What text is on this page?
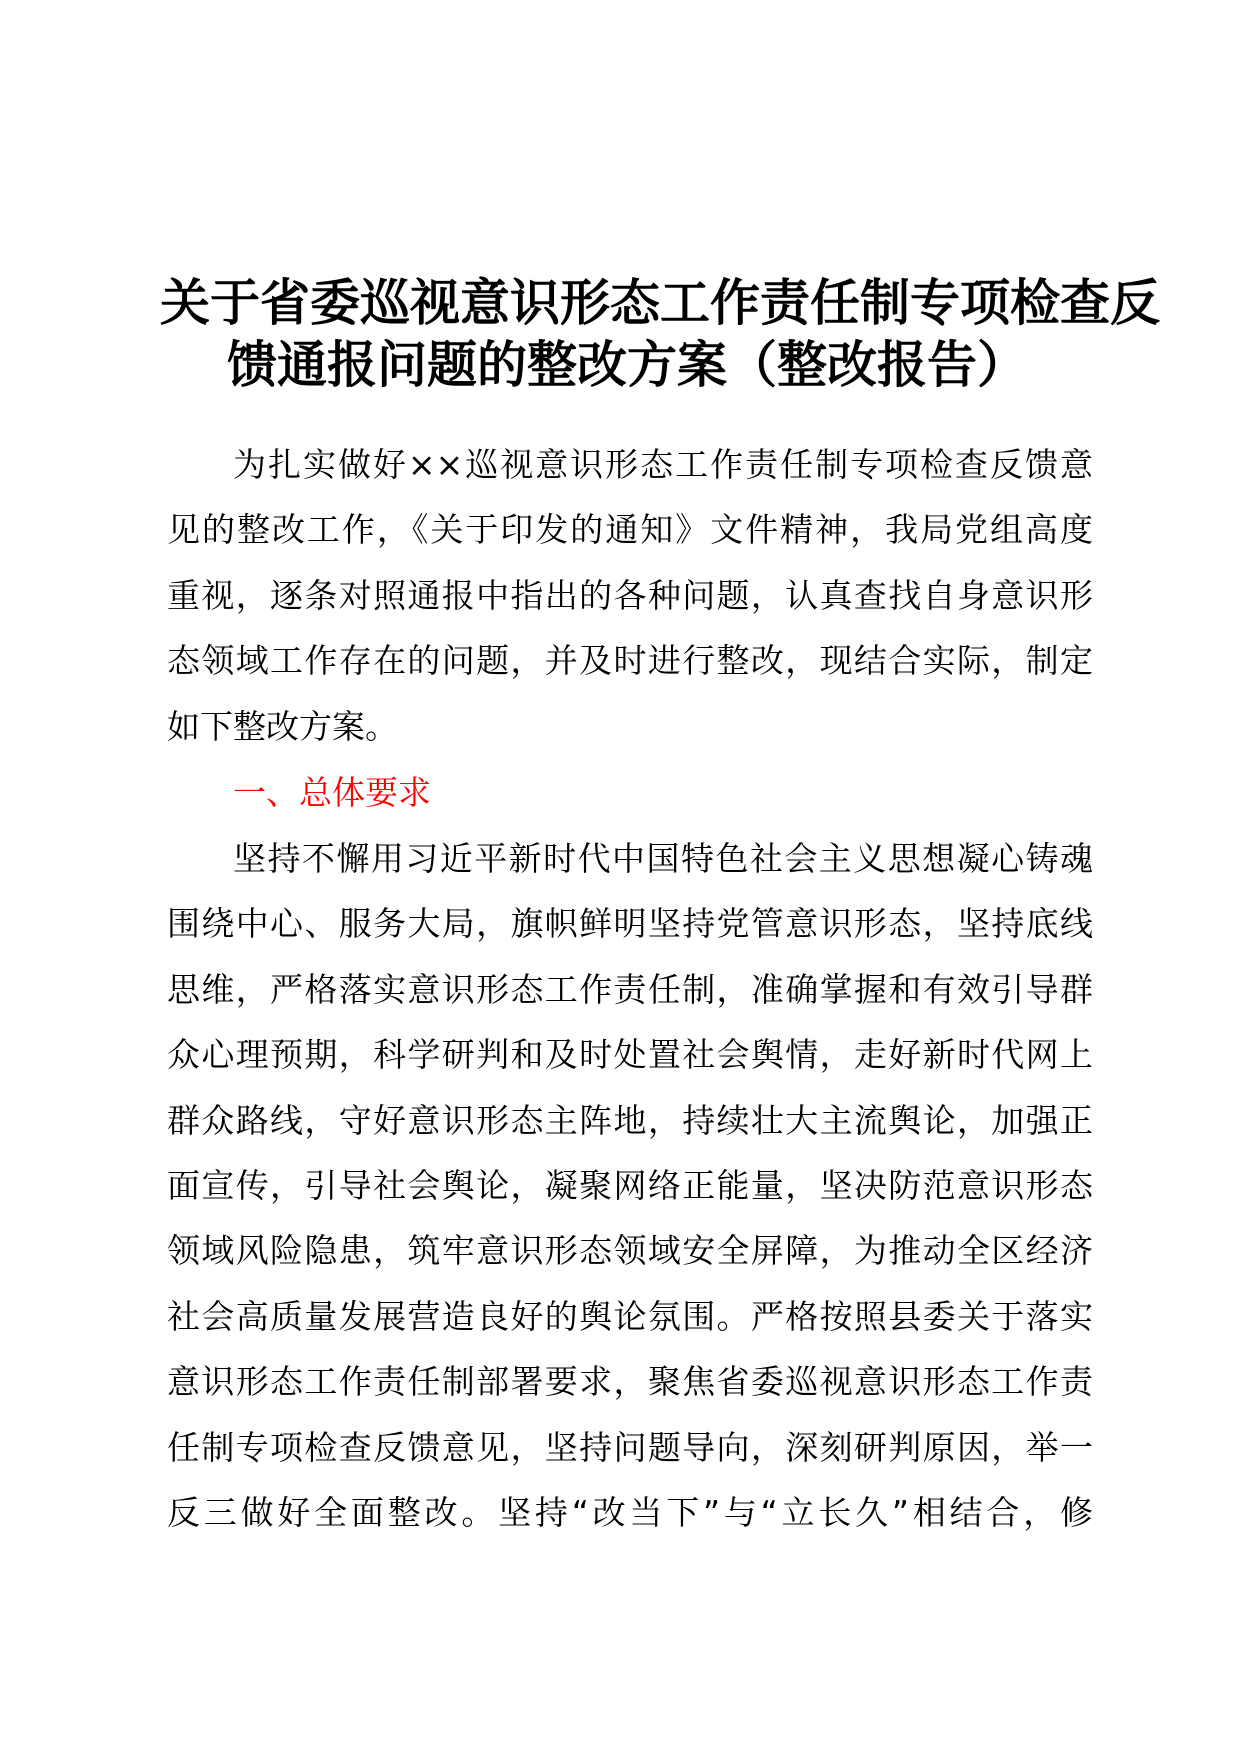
关于省委巡视意识形态工作责任制专项检查反
馈通报问题的整改方案（整改报告）
为扎实做好××巡视意识形态工作责任制专项检查反馈意
见的整改工作，《关于印发的通知》文件精神，我局党组高度
重视，逐条对照通报中指出的各种问题，认真查找自身意识形
态领域工作存在的问题，并及时进行整改，现结合实际，制定
如下整改方案。
一、总体要求
坚持不懈用习近平新时代中国特色社会主义思想凝心铸魂
围绕中心、服务大局，旗帜鲜明坚持党管意识形态，坚持底线
思维，严格落实意识形态工作责任制，准确掌握和有效引导群
众心理预期，科学研判和及时处置社会舆情，走好新时代网上
群众路线，守好意识形态主阵地，持续壮大主流舆论，加强正
面宣传，引导社会舆论，凝聚网络正能量，坚决防范意识形态
领域风险隐患，筑牢意识形态领域安全屏障，为推动全区经济
社会高质量发展营造良好的舆论氛围。严格按照县委关于落实
意识形态工作责任制部署要求，聚焦省委巡视意识形态工作责
任制专项检查反馈意见，坚持问题导向，深刻研判原因，举一
反三做好全面整改。坚持“改当下”与“立长久”相结合，修
